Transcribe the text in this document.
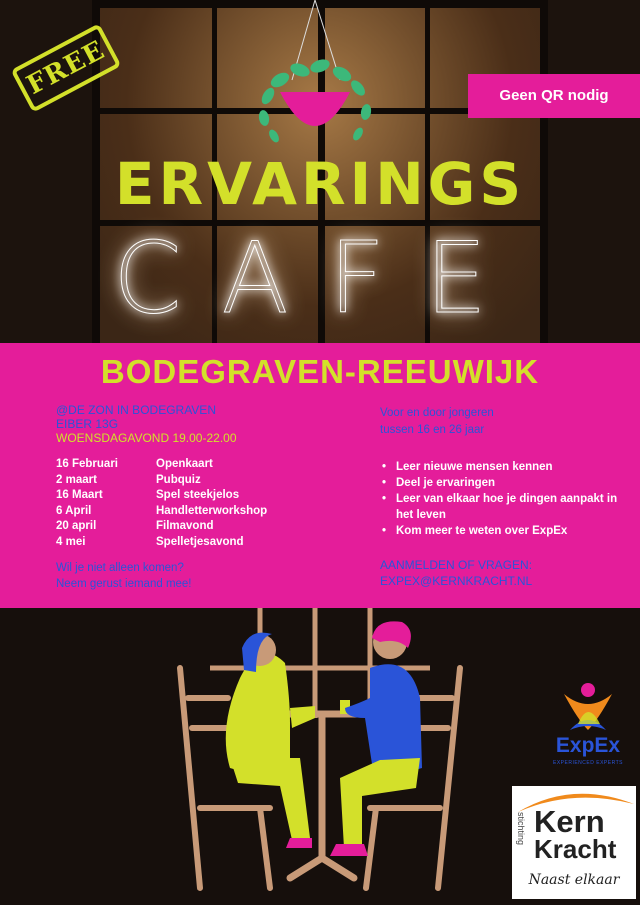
FREE	Geen QR nodig
ERVARINGS
CAFE
BODEGRAVEN-REEUWIJK
@DE ZON IN BODEGRAVEN
EIBER 13G
WOENSDAGAVOND 19.00-22.00
16 Februari	Openkaart
2 maart	Pubquiz
16 Maart	Spel steekjelos
6 April	Handletterworkshop
20 april	Filmavond
4 mei	Spelletjesavond
Wil je niet alleen komen?
Neem gerust iemand mee!
Voor en door jongeren
tussen 16 en 26 jaar
• Leer nieuwe mensen kennen
• Deel je ervaringen
• Leer van elkaar hoe je dingen aanpakt in het leven
• Kom meer te weten over ExpEx
AANMELDEN OF VRAGEN:
EXPEX@KERNKRACHT.NL
ExpEx
EXPERIENCED EXPERTS
stichting Kern
Kracht
Naast elkaar
